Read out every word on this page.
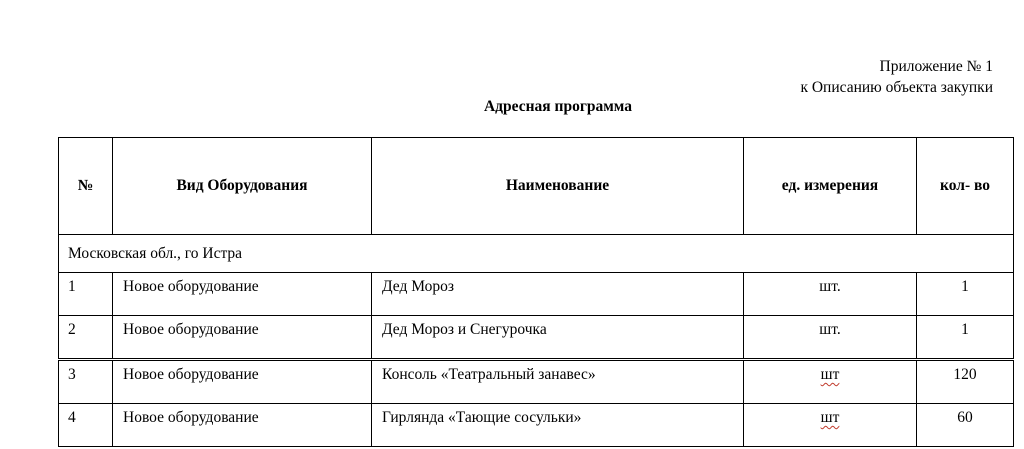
Приложение № 1
к Описанию объекта закупки
Адресная программа
№	Вид Оборудования	Наименование	ед. измерения	кол- во
Московская обл., го Истра				
1	Новое оборудование	Дед Мороз	шт.	1
2	Новое оборудование	Дед Мороз и Снегурочка	шт.	1
3	Новое оборудование	Консоль «Театральный занавес»	шт	120
4	Новое оборудование	Гирлянда «Тающие сосульки»	шт	60
